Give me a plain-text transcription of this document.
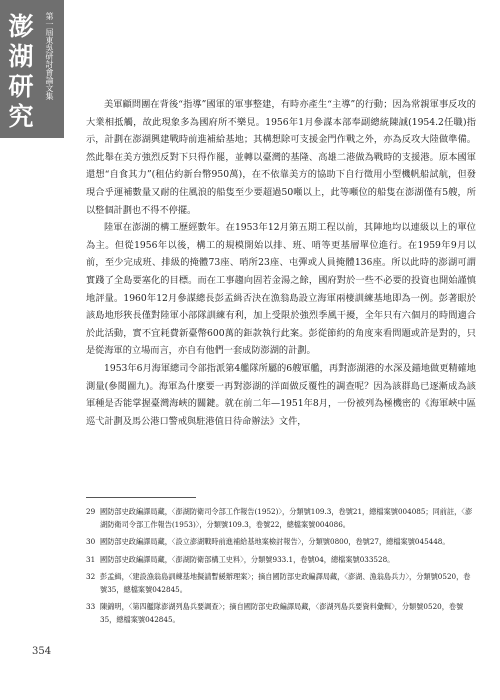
澎
湖
研
究
第一屆東吳研討會論文集

美軍顧問團在背後“指導”國軍的軍事整建，有時亦產生“主導”的行動；因為常親軍事反攻的大業相抵觸，故此現象多為國府所不樂見。1956年1月參謀本部奉副總統陳誠(1954.2任職)指示，計劃在澎湖興建戰時前進補給基地；其構想除可支援金門作戰之外，亦為反攻大陸做準備。然此舉在美方強烈反對下只得作罷，並轉以臺灣的基隆、高雄二港做為戰時的支援港。原本國軍還想“自食其力”(租佔約新台幣950萬)，在不依靠美方的協助下自行徵用小型機帆船試航，但發現合乎運補數量又耐的住風浪的船隻至少要超過50噸以上，此等噸位的船隻在澎湖僅有5艘，所以整個計劃也不得不停擺。

陸軍在澎湖的構工歷經數年。在1953年12月第五期工程以前，其陣地均以連級以上的單位為主。但從1956年以後，構工的規模開始以排、班、哨等更基層單位進行。在1959年9月以前，至少完成班、排級的掩體73座、哨所23座、屯彈或人員掩體136座。所以此時的澎湖可謂實踐了全島要塞化的目標。而在工事趨向固若金湯之餘，國府對於一些不必要的投資也開始謹慎地評量。1960年12月參謀總長彭孟緝否決在漁翁島設立海軍兩棲訓練基地即為一例。彭著眼於該島地形狹長僅對陸軍小部隊訓練有利，加上受限於強烈季風干擾，全年只有六個月的時間適合於此活動，實不宜耗費新臺幣600萬的鉅款執行此案。彭從節約的角度來看問題或許是對的，只是從海軍的立場而言，亦自有他們一套成防澎湖的計劃。

1953年6月海軍總司令部指派第4艦隊所屬的6艘軍艦，再對澎湖港的水深及錨地做更精確地測量(參閱圖九)。海軍為什麼要一再對澎湖的洋面做反覆性的調查呢？因為該群島已逐漸成為該軍種是否能掌握臺灣海峽的關鍵。就在前二年—1951年8月，一份被列為極機密的《海軍峽中區巡弋計劃及馬公港口警戒與駐港值日待命辦法》文件，

29 國防部史政編譯局藏，〈澎湖防衛司令部工作報告(1952)〉，分類號109.3，卷號21，總檔案號004085；同前註，〈澎湖防衛司令部工作報告(1953)〉，分類號109.3，卷號22，總檔案號004086。

30 國防部史政編譯局藏，〈設立澎湖戰時前進補給基地案檢討報告〉，分類號0800，卷號27，總檔案號045448。

31 國防部史政編譯局藏，〈澎湖防衛部構工史料〉，分類號933.1，卷號04，總檔案號033528。

32 彭孟緝，〈建設漁翁島訓練基地擬請暫緩辦理案〉；摘自國防部史政編譯局藏，〈澎湖、漁翁島兵力〉，分類號0520，卷號35，總檔案號042845。

33 陳錦明，〈第四艦隊澎湖列島兵要調查〉；摘自國防部史政編譯局藏，〈澎湖列島兵要資料彙輯〉，分類號0520，卷號35，總檔案號042845。

354
